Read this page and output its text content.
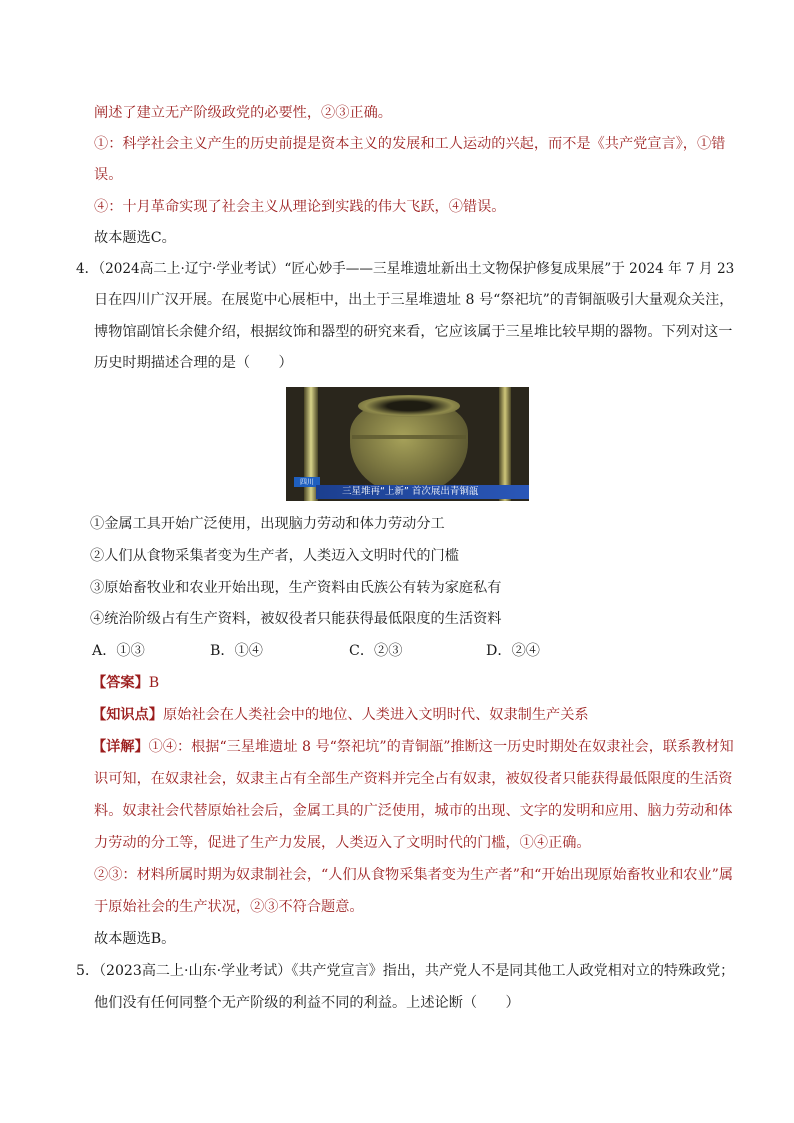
阐述了建立无产阶级政党的必要性，②③正确。
①：科学社会主义产生的历史前提是资本主义的发展和工人运动的兴起，而不是《共产党宣言》，①错
误。
④：十月革命实现了社会主义从理论到实践的伟大飞跃，④错误。
故本题选C。
4．（2024高二上·辽宁·学业考试）“匠心妙手——三星堆遗址新出土文物保护修复成果展”于 2024 年 7 月 23
日在四川广汉开展。在展览中心展柜中，出土于三星堆遗址 8 号“祭祀坑”的青铜瓿吸引大量观众关注，
博物馆副馆长余健介绍，根据纹饰和器型的研究来看，它应该属于三星堆比较早期的器物。下列对这一
历史时期描述合理的是（　　）
四川
三星堆再“上新” 首次展出青铜瓿
①金属工具开始广泛使用，出现脑力劳动和体力劳动分工
②人们从食物采集者变为生产者，人类迈入文明时代的门槛
③原始畜牧业和农业开始出现，生产资料由氏族公有转为家庭私有
④统治阶级占有生产资料，被奴役者只能获得最低限度的生活资料
A．①③	B．①④	C．②③	D．②④
【答案】B
【知识点】原始社会在人类社会中的地位、人类进入文明时代、奴隶制生产关系
【详解】①④：根据“三星堆遗址 8 号“祭祀坑”的青铜瓿”推断这一历史时期处在奴隶社会，联系教材知
识可知，在奴隶社会，奴隶主占有全部生产资料并完全占有奴隶，被奴役者只能获得最低限度的生活资
料。奴隶社会代替原始社会后，金属工具的广泛使用，城市的出现、文字的发明和应用、脑力劳动和体
力劳动的分工等，促进了生产力发展，人类迈入了文明时代的门槛，①④正确。
②③：材料所属时期为奴隶制社会，“人们从食物采集者变为生产者”和“开始出现原始畜牧业和农业”属
于原始社会的生产状况，②③不符合题意。
故本题选B。
5．（2023高二上·山东·学业考试）《共产党宣言》指出，共产党人不是同其他工人政党相对立的特殊政党；
他们没有任何同整个无产阶级的利益不同的利益。上述论断（　　）
